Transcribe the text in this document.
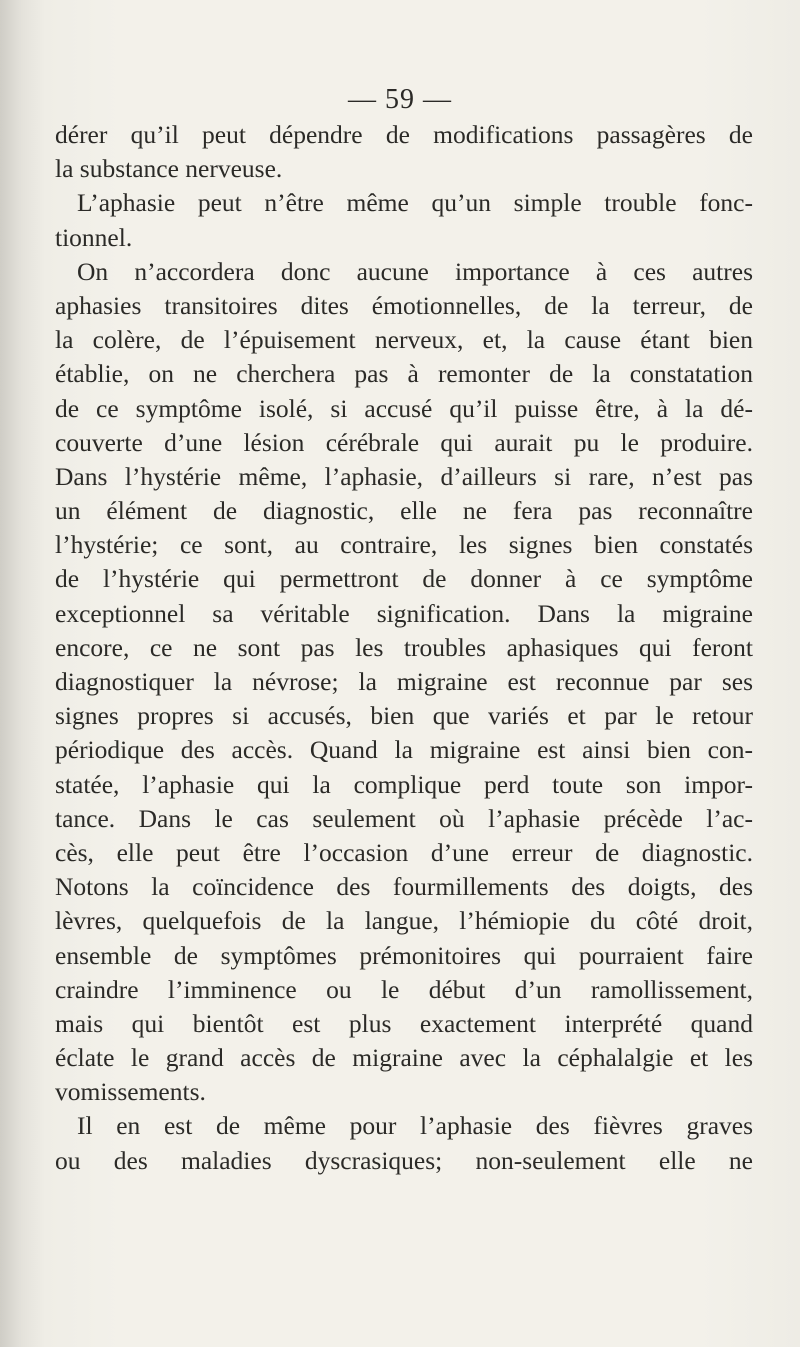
— 59 —
dérer qu’il peut dépendre de modifications passagères de
la substance nerveuse.
L’aphasie peut n’être même qu’un simple trouble fonc-
tionnel.
On n’accordera donc aucune importance à ces autres
aphasies transitoires dites émotionnelles, de la terreur, de
la colère, de l’épuisement nerveux, et, la cause étant bien
établie, on ne cherchera pas à remonter de la constatation
de ce symptôme isolé, si accusé qu’il puisse être, à la dé-
couverte d’une lésion cérébrale qui aurait pu le produire.
Dans l’hystérie même, l’aphasie, d’ailleurs si rare, n’est pas
un élément de diagnostic, elle ne fera pas reconnaître
l’hystérie; ce sont, au contraire, les signes bien constatés
de l’hystérie qui permettront de donner à ce symptôme
exceptionnel sa véritable signification. Dans la migraine
encore, ce ne sont pas les troubles aphasiques qui feront
diagnostiquer la névrose; la migraine est reconnue par ses
signes propres si accusés, bien que variés et par le retour
périodique des accès. Quand la migraine est ainsi bien con-
statée, l’aphasie qui la complique perd toute son impor-
tance. Dans le cas seulement où l’aphasie précède l’ac-
cès, elle peut être l’occasion d’une erreur de diagnostic.
Notons la coïncidence des fourmillements des doigts, des
lèvres, quelquefois de la langue, l’hémiopie du côté droit,
ensemble de symptômes prémonitoires qui pourraient faire
craindre l’imminence ou le début d’un ramollissement,
mais qui bientôt est plus exactement interprété quand
éclate le grand accès de migraine avec la céphalalgie et les
vomissements.
Il en est de même pour l’aphasie des fièvres graves
ou des maladies dyscrasiques; non-seulement elle ne
